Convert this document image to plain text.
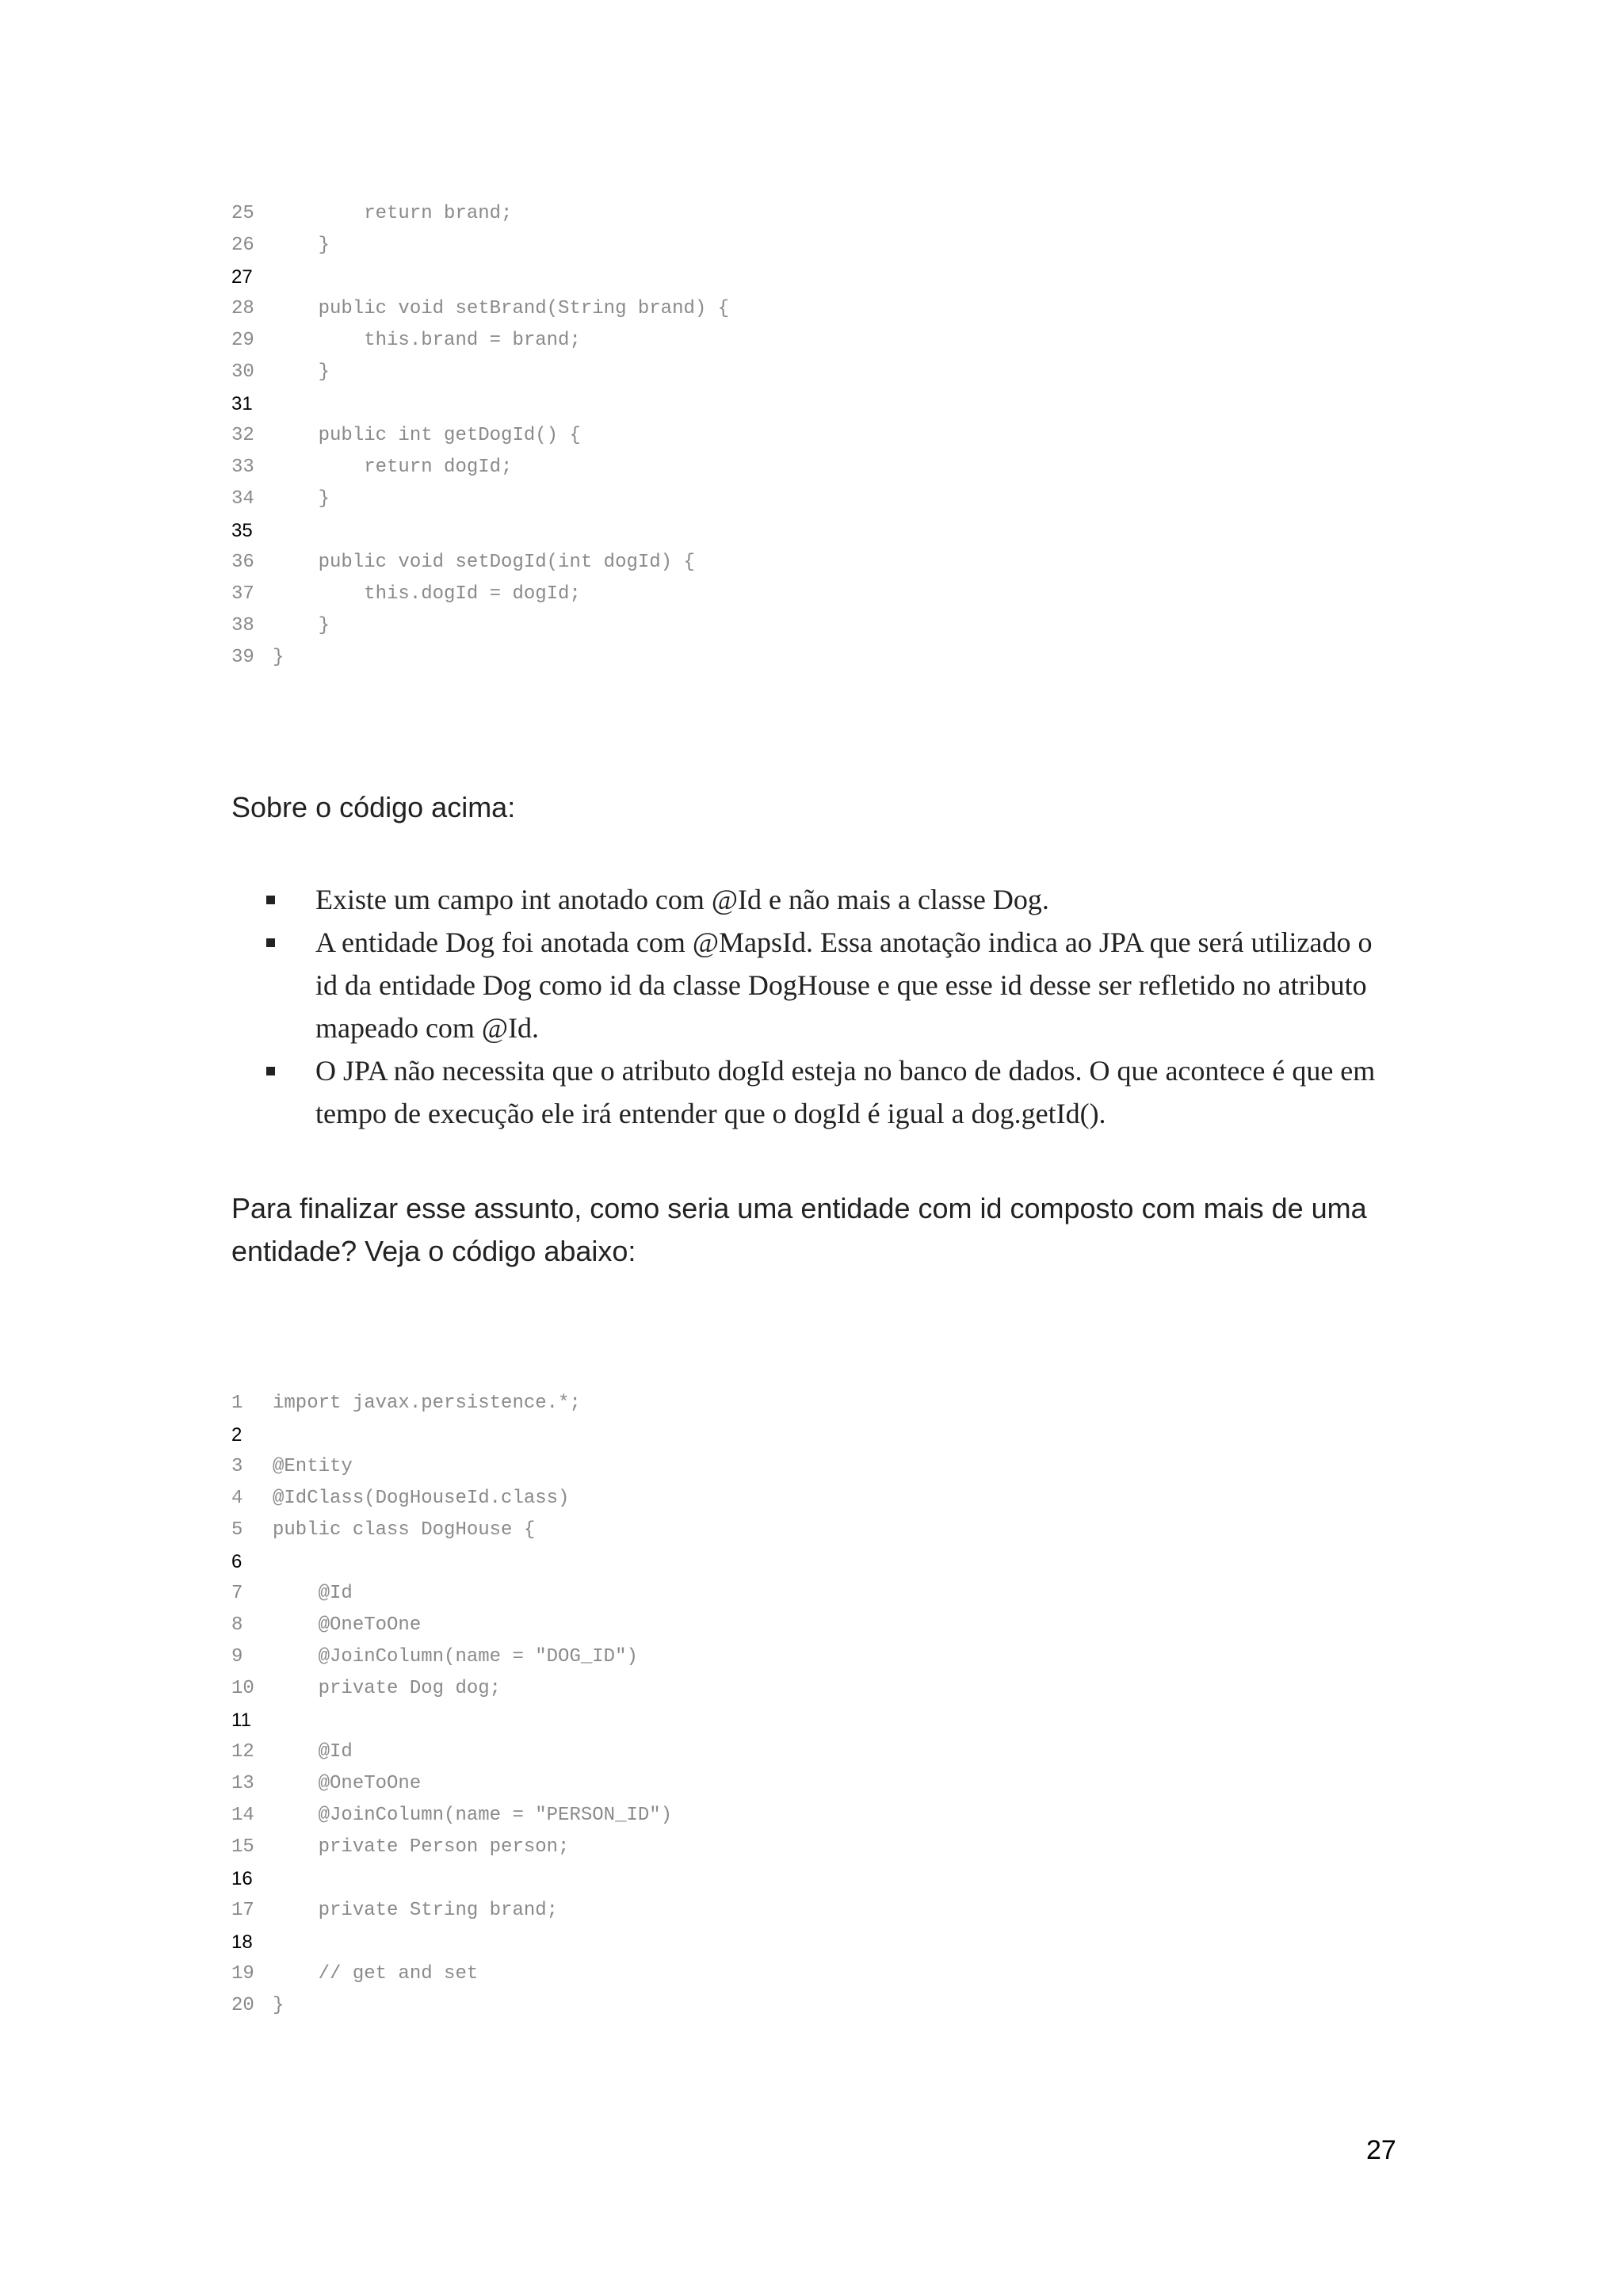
25        return brand;
26    }
27
28    public void setBrand(String brand) {
29        this.brand = brand;
30    }
31
32    public int getDogId() {
33        return dogId;
34    }
35
36    public void setDogId(int dogId) {
37        this.dogId = dogId;
38    }
39 }

Sobre o código acima:

Existe um campo int anotado com @Id e não mais a classe Dog.
A entidade Dog foi anotada com @MapsId. Essa anotação indica ao JPA que será utilizado o id da entidade Dog como id da classe DogHouse e que esse id desse ser refletido no atributo mapeado com @Id.
O JPA não necessita que o atributo dogId esteja no banco de dados. O que acontece é que em tempo de execução ele irá entender que o dogId é igual a dog.getId().

Para finalizar esse assunto, como seria uma entidade com id composto com mais de uma entidade? Veja o código abaixo:

1 import javax.persistence.*;
2
3 @Entity
4 @IdClass(DogHouseId.class)
5 public class DogHouse {
6
7    @Id
8    @OneToOne
9    @JoinColumn(name = "DOG_ID")
10    private Dog dog;
11
12    @Id
13    @OneToOne
14    @JoinColumn(name = "PERSON_ID")
15    private Person person;
16
17    private String brand;
18
19    // get and set
20 }
27
